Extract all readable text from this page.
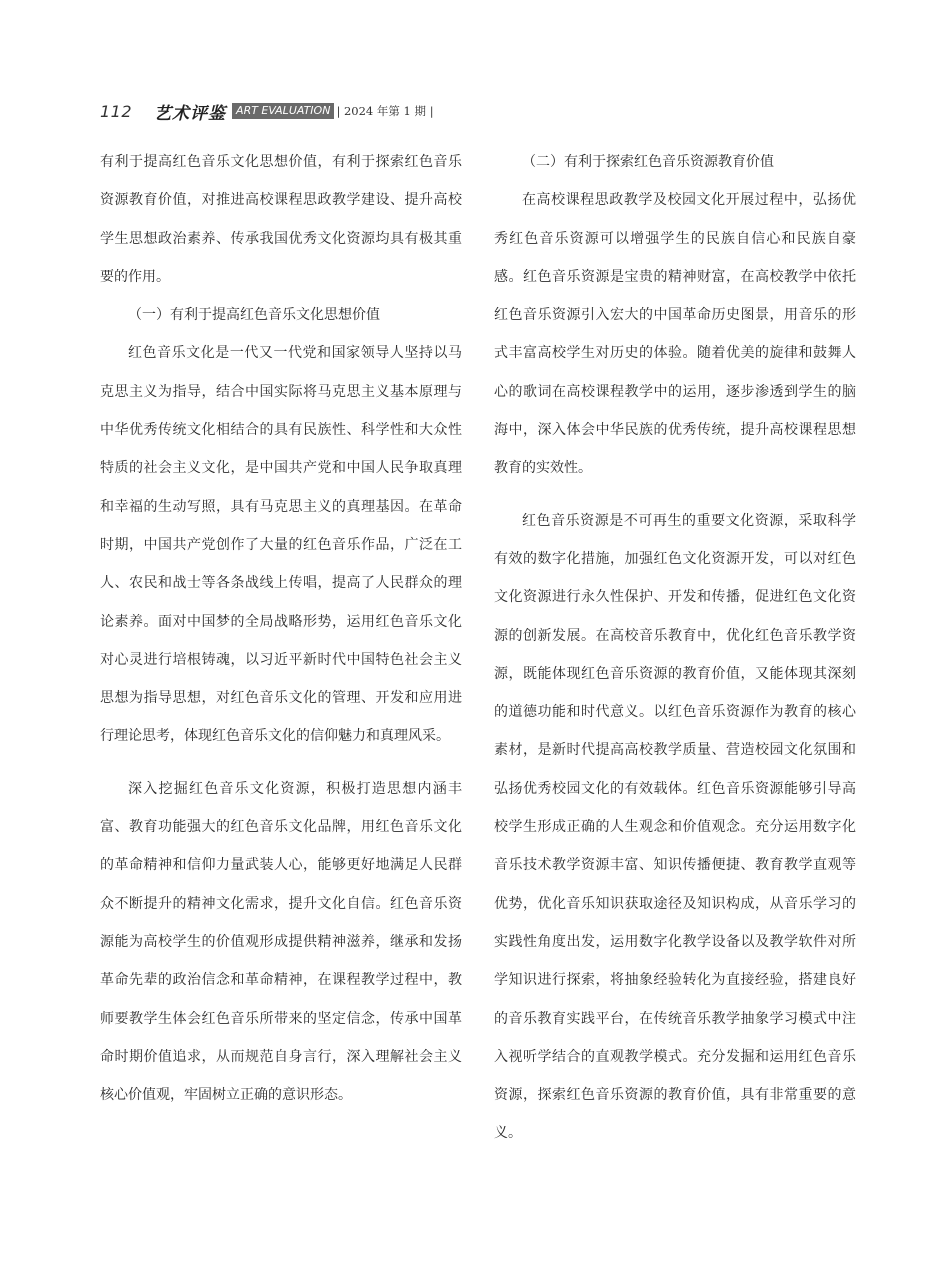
112 艺术评鉴 ART EVALUATION | 2024 年第 1 期 |

有利于提高红色音乐文化思想价值，有利于探索红色音乐资源教育价值，对推进高校课程思政教学建设、提升高校学生思想政治素养、传承我国优秀文化资源均具有极其重要的作用。

（一）有利于提高红色音乐文化思想价值

红色音乐文化是一代又一代党和国家领导人坚持以马克思主义为指导，结合中国实际将马克思主义基本原理与中华优秀传统文化相结合的具有民族性、科学性和大众性特质的社会主义文化，是中国共产党和中国人民争取真理和幸福的生动写照，具有马克思主义的真理基因。在革命时期，中国共产党创作了大量的红色音乐作品，广泛在工人、农民和战士等各条战线上传唱，提高了人民群众的理论素养。面对中国梦的全局战略形势，运用红色音乐文化对心灵进行培根铸魂，以习近平新时代中国特色社会主义思想为指导思想，对红色音乐文化的管理、开发和应用进行理论思考，体现红色音乐文化的信仰魅力和真理风采。

深入挖掘红色音乐文化资源，积极打造思想内涵丰富、教育功能强大的红色音乐文化品牌，用红色音乐文化的革命精神和信仰力量武装人心，能够更好地满足人民群众不断提升的精神文化需求，提升文化自信。红色音乐资源能为高校学生的价值观形成提供精神滋养，继承和发扬革命先辈的政治信念和革命精神，在课程教学过程中，教师要教学生体会红色音乐所带来的坚定信念，传承中国革命时期价值追求，从而规范自身言行，深入理解社会主义核心价值观，牢固树立正确的意识形态。

（二）有利于探索红色音乐资源教育价值

在高校课程思政教学及校园文化开展过程中，弘扬优秀红色音乐资源可以增强学生的民族自信心和民族自豪感。红色音乐资源是宝贵的精神财富，在高校教学中依托红色音乐资源引入宏大的中国革命历史图景，用音乐的形式丰富高校学生对历史的体验。随着优美的旋律和鼓舞人心的歌词在高校课程教学中的运用，逐步渗透到学生的脑海中，深入体会中华民族的优秀传统，提升高校课程思想教育的实效性。

红色音乐资源是不可再生的重要文化资源，采取科学有效的数字化措施，加强红色文化资源开发，可以对红色文化资源进行永久性保护、开发和传播，促进红色文化资源的创新发展。在高校音乐教育中，优化红色音乐教学资源，既能体现红色音乐资源的教育价值，又能体现其深刻的道德功能和时代意义。以红色音乐资源作为教育的核心素材，是新时代提高高校教学质量、营造校园文化氛围和弘扬优秀校园文化的有效载体。红色音乐资源能够引导高校学生形成正确的人生观念和价值观念。充分运用数字化音乐技术教学资源丰富、知识传播便捷、教育教学直观等优势，优化音乐知识获取途径及知识构成，从音乐学习的实践性角度出发，运用数字化教学设备以及教学软件对所学知识进行探索，将抽象经验转化为直接经验，搭建良好的音乐教育实践平台，在传统音乐教学抽象学习模式中注入视听学结合的直观教学模式。充分发掘和运用红色音乐资源，探索红色音乐资源的教育价值，具有非常重要的意义。
